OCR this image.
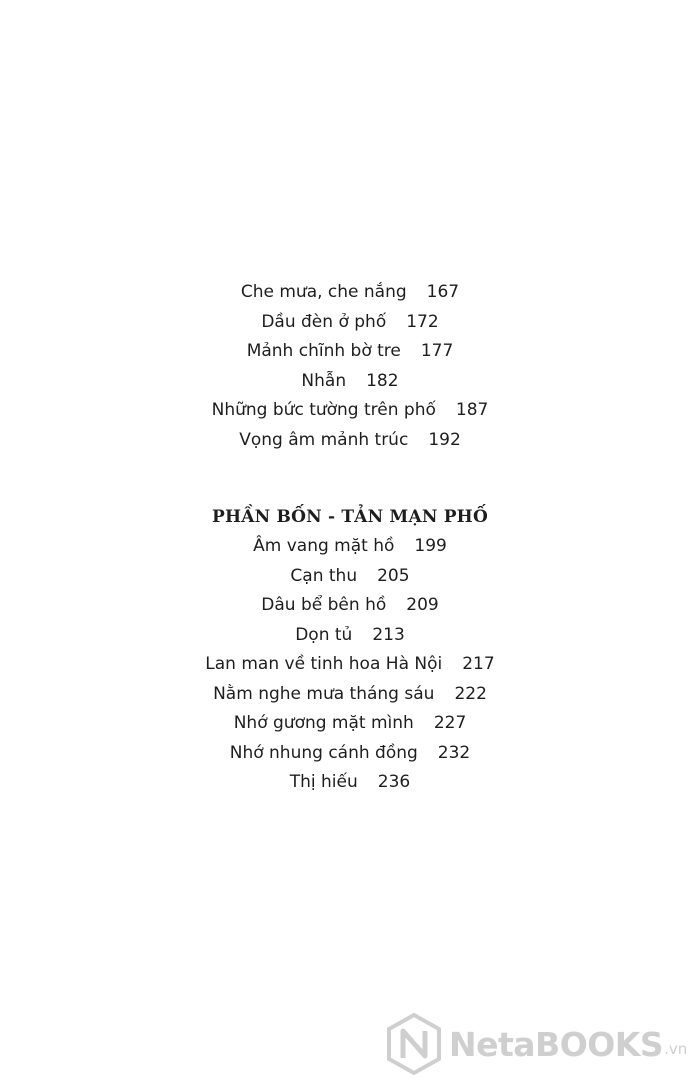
Che mưa, che nắng 167
Dầu đèn ở phố 172
Mảnh chĩnh bờ tre 177
Nhẫn 182
Những bức tường trên phố 187
Vọng âm mảnh trúc 192
PHẦN BỐN - TẢN MẠN PHỐ
Âm vang mặt hồ 199
Cạn thu 205
Dâu bể bên hồ 209
Dọn tủ 213
Lan man về tinh hoa Hà Nội 217
Nằm nghe mưa tháng sáu 222
Nhớ gương mặt mình 227
Nhớ nhung cánh đồng 232
Thị hiếu 236
NetaBOOKS .vn
